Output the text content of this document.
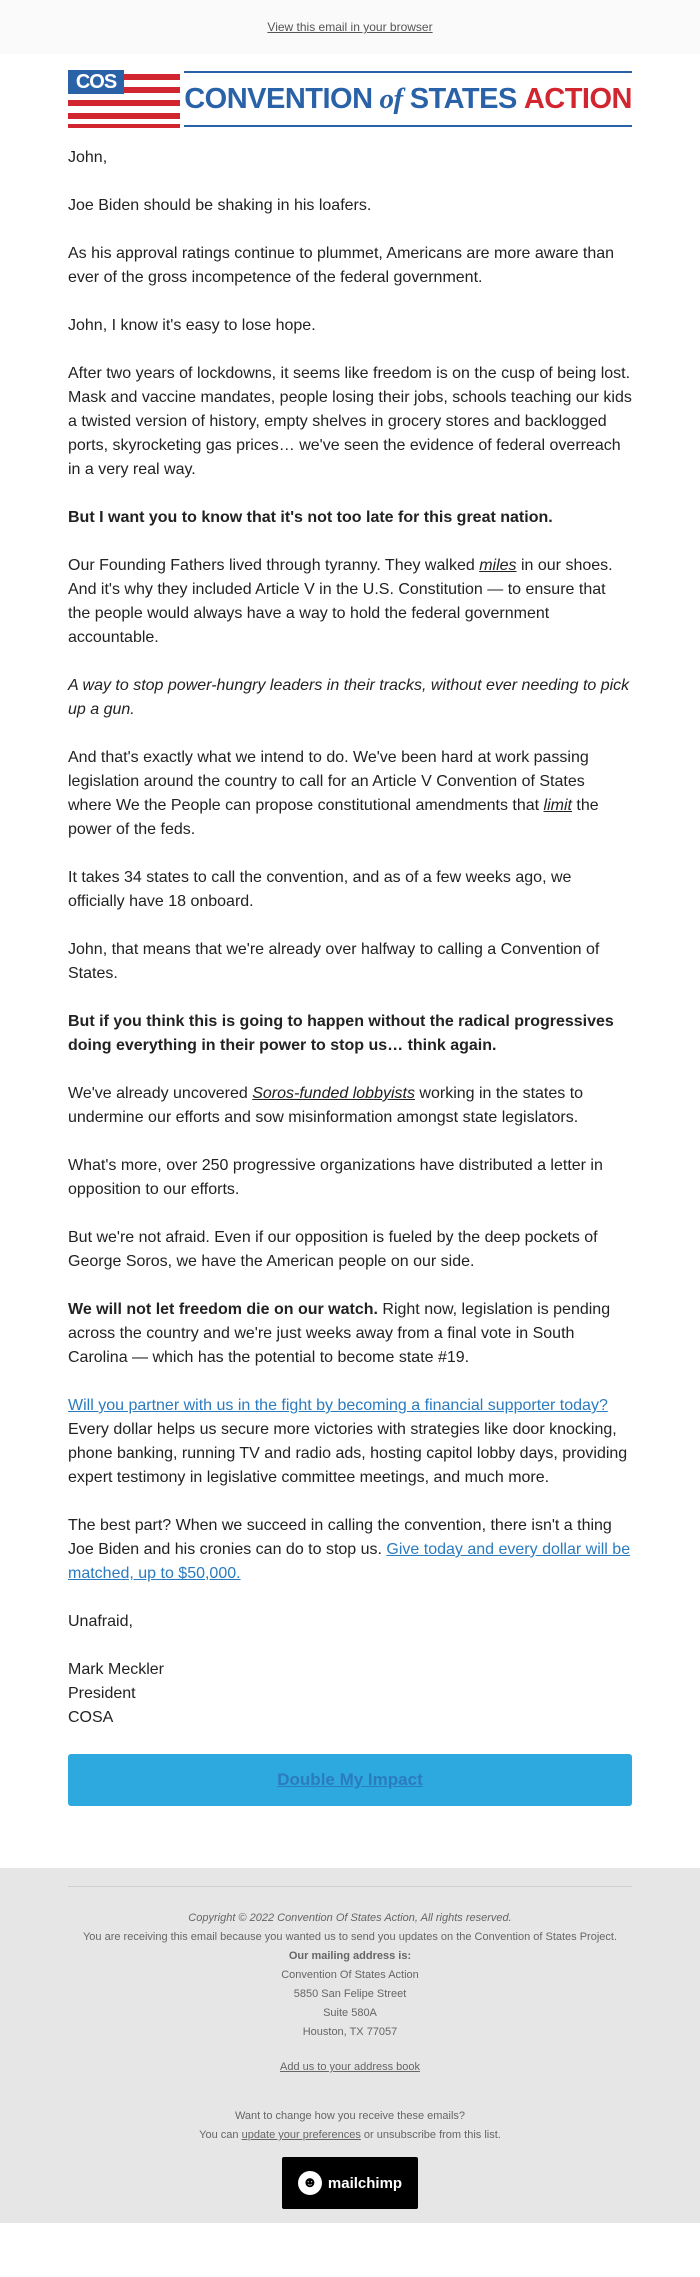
View this email in your browser
COS
CONVENTION of STATES ACTION

John,

Joe Biden should be shaking in his loafers.

As his approval ratings continue to plummet, Americans are more aware than ever of the gross incompetence of the federal government.

John, I know it's easy to lose hope.

After two years of lockdowns, it seems like freedom is on the cusp of being lost. Mask and vaccine mandates, people losing their jobs, schools teaching our kids a twisted version of history, empty shelves in grocery stores and backlogged ports, skyrocketing gas prices… we've seen the evidence of federal overreach in a very real way.

But I want you to know that it's not too late for this great nation.

Our Founding Fathers lived through tyranny. They walked miles in our shoes. And it's why they included Article V in the U.S. Constitution — to ensure that the people would always have a way to hold the federal government accountable.

A way to stop power-hungry leaders in their tracks, without ever needing to pick up a gun.

And that's exactly what we intend to do. We've been hard at work passing legislation around the country to call for an Article V Convention of States where We the People can propose constitutional amendments that limit the power of the feds.

It takes 34 states to call the convention, and as of a few weeks ago, we officially have 18 onboard.

John, that means that we're already over halfway to calling a Convention of States.

But if you think this is going to happen without the radical progressives doing everything in their power to stop us… think again.

We've already uncovered Soros-funded lobbyists working in the states to undermine our efforts and sow misinformation amongst state legislators.

What's more, over 250 progressive organizations have distributed a letter in opposition to our efforts.

But we're not afraid. Even if our opposition is fueled by the deep pockets of George Soros, we have the American people on our side.

We will not let freedom die on our watch. Right now, legislation is pending across the country and we're just weeks away from a final vote in South Carolina — which has the potential to become state #19.

Will you partner with us in the fight by becoming a financial supporter today? Every dollar helps us secure more victories with strategies like door knocking, phone banking, running TV and radio ads, hosting capitol lobby days, providing expert testimony in legislative committee meetings, and much more.

The best part? When we succeed in calling the convention, there isn't a thing Joe Biden and his cronies can do to stop us. Give today and every dollar will be matched, up to $50,000.

Unafraid,

Mark Meckler
President
COSA

Double My Impact
Copyright © 2022 Convention Of States Action, All rights reserved.
You are receiving this email because you wanted us to send you updates on the Convention of States Project.
Our mailing address is:
Convention Of States Action
5850 San Felipe Street
Suite 580A
Houston, TX 77057
Add us to your address book
Want to change how you receive these emails?
You can update your preferences or unsubscribe from this list.
☻ mailchimp
